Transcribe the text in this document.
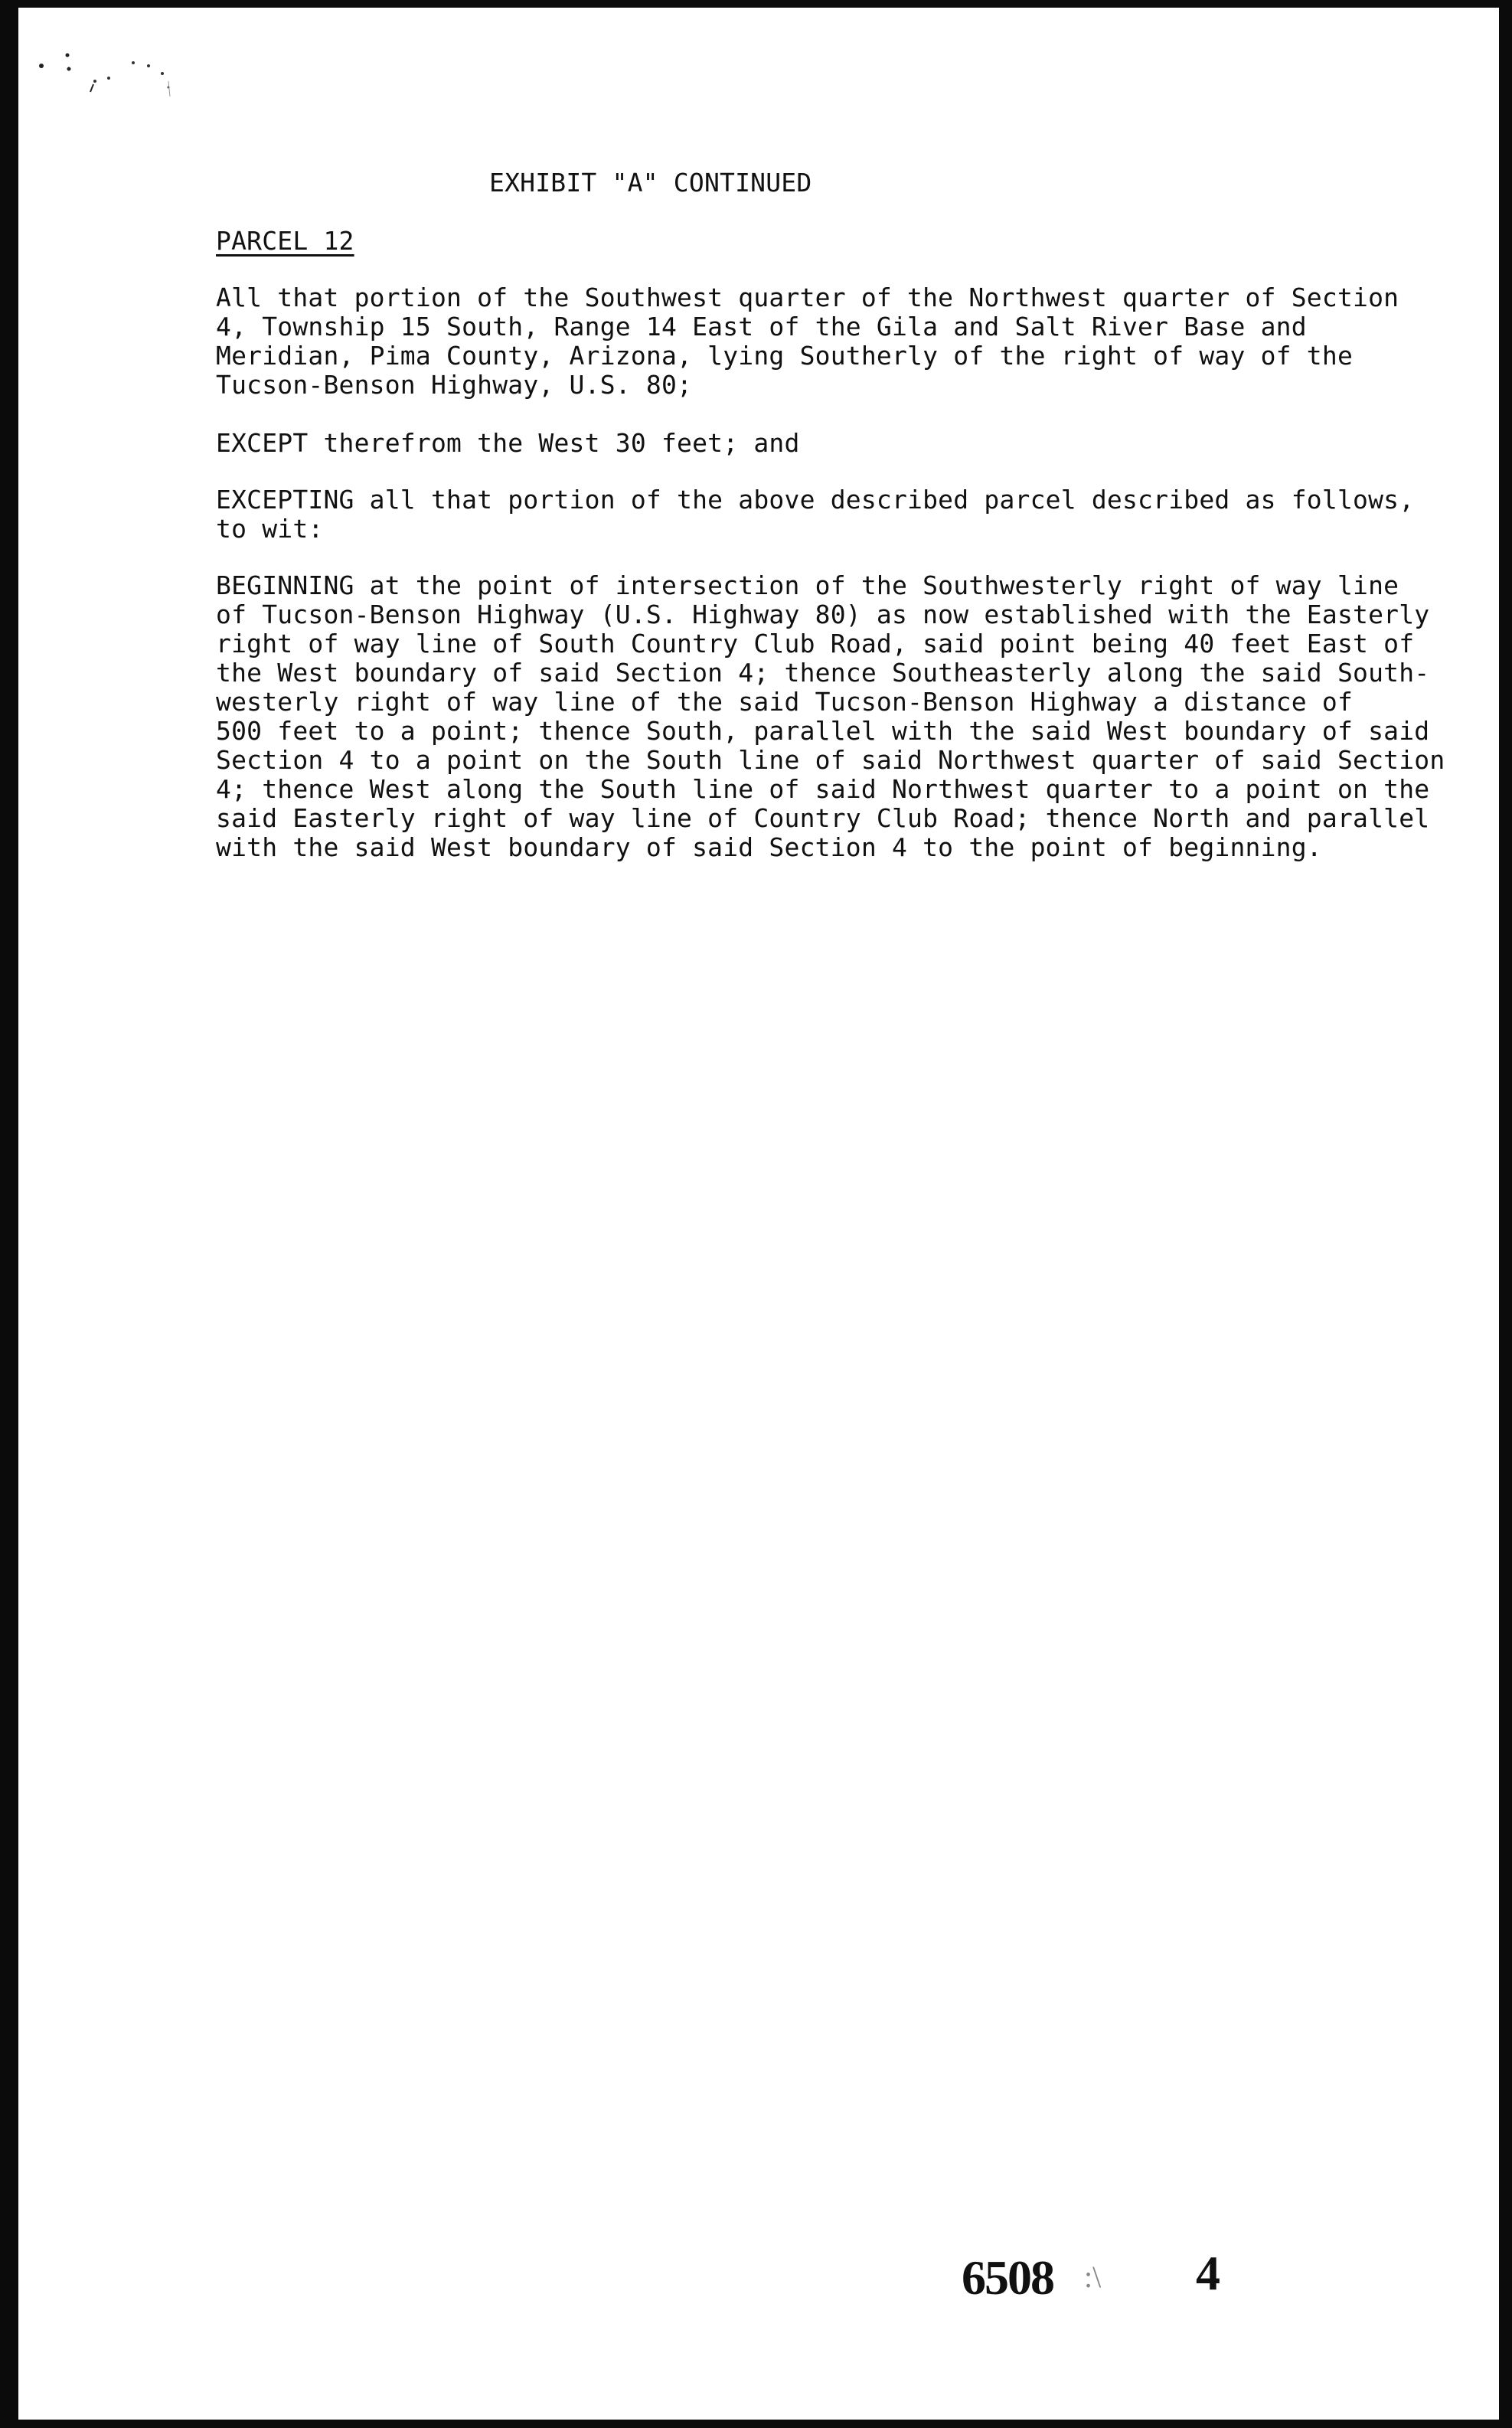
EXHIBIT "A" CONTINUED
PARCEL 12
All that portion of the Southwest quarter of the Northwest quarter of Section
4, Township 15 South, Range 14 East of the Gila and Salt River Base and
Meridian, Pima County, Arizona, lying Southerly of the right of way of the
Tucson-Benson Highway, U.S. 80;
EXCEPT therefrom the West 30 feet; and
EXCEPTING all that portion of the above described parcel described as follows,
to wit:
BEGINNING at the point of intersection of the Southwesterly right of way line
of Tucson-Benson Highway (U.S. Highway 80) as now established with the Easterly
right of way line of South Country Club Road, said point being 40 feet East of
the West boundary of said Section 4; thence Southeasterly along the said South-
westerly right of way line of the said Tucson-Benson Highway a distance of
500 feet to a point; thence South, parallel with the said West boundary of said
Section 4 to a point on the South line of said Northwest quarter of said Section
4; thence West along the South line of said Northwest quarter to a point on the
said Easterly right of way line of Country Club Road; thence North and parallel
with the said West boundary of said Section 4 to the point of beginning.
6508 :\ 4
